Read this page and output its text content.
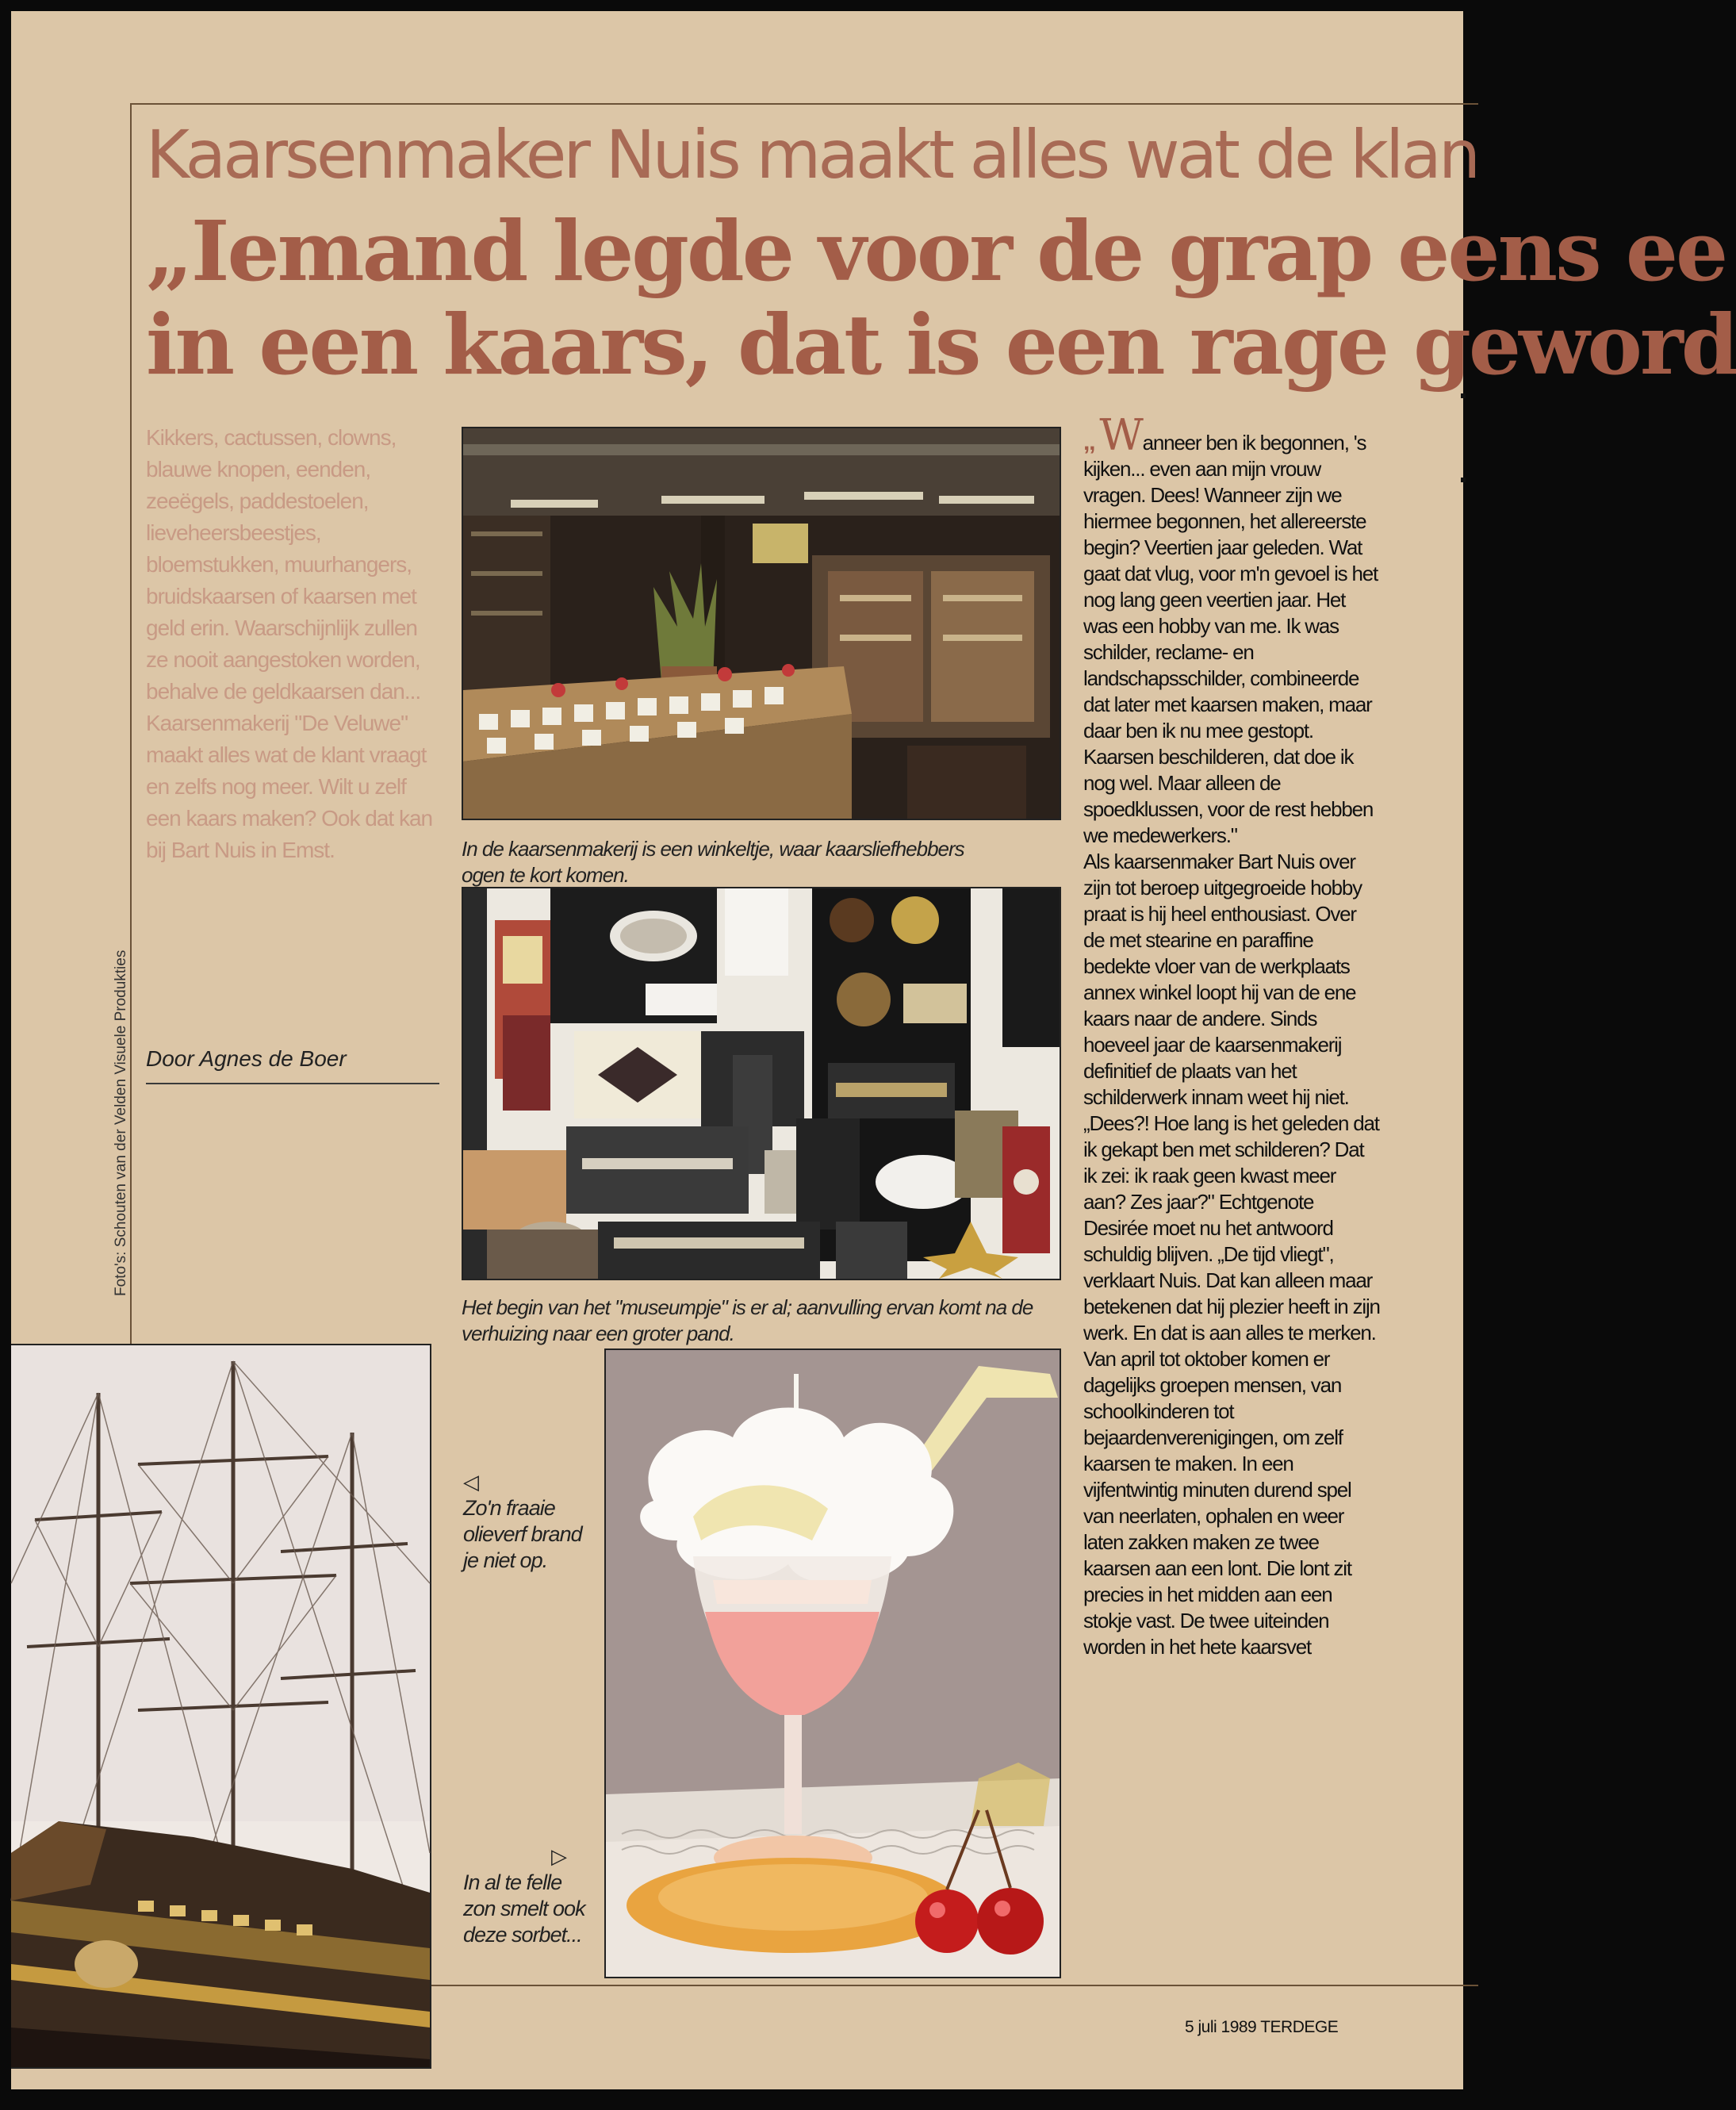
Kaarsenmaker Nuis maakt alles wat de klan
„Iemand legde voor de grap eens ee
in een kaars, dat is een rage geword
Kikkers, cactussen, clowns, blauwe knopen, eenden, zeeëgels, paddestoelen, lieveheersbeestjes, bloemstukken, muurhangers, bruidskaarsen of kaarsen met geld erin. Waarschijnlijk zullen ze nooit aangestoken worden, behalve de geldkaarsen dan... Kaarsenmakerij "De Veluwe" maakt alles wat de klant vraagt en zelfs nog meer. Wilt u zelf een kaars maken? Ook dat kan bij Bart Nuis in Emst.
Door Agnes de Boer
Foto's: Schouten van der Velden Visuele Produkties
In de kaarsenmakerij is een winkeltje, waar kaarsliefhebbers ogen te kort komen.
Het begin van het "museumpje" is er al; aanvulling ervan komt na de verhuizing naar een groter pand.
◁
Zo'n fraaie olieverf brand je niet op.
▷
In al te felle zon smelt ook deze sorbet...

,, Wanneer ben ik begonnen, 's kijken... even aan mijn vrouw vragen. Dees! Wanneer zijn we hiermee begonnen, het allereerste begin? Veertien jaar geleden. Wat gaat dat vlug, voor m'n gevoel is het nog lang geen veertien jaar. Het was een hobby van me. Ik was schilder, reclame- en landschapsschilder, combineerde dat later met kaarsen maken, maar daar ben ik nu mee gestopt. Kaarsen beschilderen, dat doe ik nog wel. Maar alleen de spoedklussen, voor de rest hebben we medewerkers."

Als kaarsenmaker Bart Nuis over zijn tot beroep uitgegroeide hobby praat is hij heel enthousiast. Over de met stearine en paraffine bedekte vloer van de werkplaats annex winkel loopt hij van de ene kaars naar de andere. Sinds hoeveel jaar de kaarsenmakerij definitief de plaats van het schilderwerk innam weet hij niet. „Dees?! Hoe lang is het geleden dat ik gekapt ben met schilderen? Dat ik zei: ik raak geen kwast meer aan? Zes jaar?" Echtgenote Desirée moet nu het antwoord schuldig blijven. „De tijd vliegt", verklaart Nuis. Dat kan alleen maar betekenen dat hij plezier heeft in zijn werk. En dat is aan alles te merken.

Van april tot oktober komen er dagelijks groepen mensen, van schoolkinderen tot bejaardenverenigingen, om zelf kaarsen te maken. In een vijfentwintig minuten durend spel van neerlaten, ophalen en weer laten zakken maken ze twee kaarsen aan een lont. Die lont zit precies in het midden aan een stokje vast. De twee uiteinden worden in het hete kaarsvet

5 juli 1989 TERDEGE
